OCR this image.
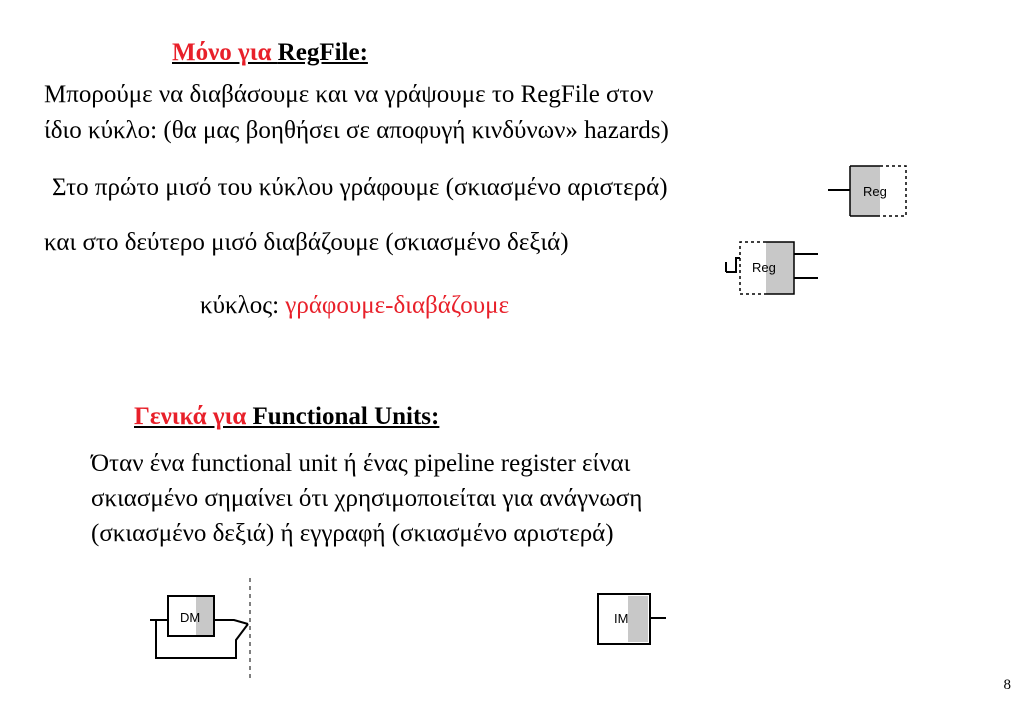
Μόνο για RegFile:
Μπορούμε να διαβάσουμε και να γράψουμε το RegFile στον
ίδιο κύκλο: (θα μας βοηθήσει σε αποφυγή κινδύνων» hazards)
Στο πρώτο μισό του κύκλου γράφουμε (σκιασμένο αριστερά)
και στο δεύτερο μισό διαβάζουμε (σκιασμένο δεξιά)
κύκλος: γράφουμε-διαβάζουμε
Reg
Reg
Γενικά για Functional Units:
Όταν ένα functional unit ή ένας pipeline register είναι
σκιασμένο σημαίνει ότι χρησιμοποιείται για ανάγνωση
(σκιασμένο δεξιά) ή εγγραφή (σκιασμένο αριστερά)
DM	IM
8
